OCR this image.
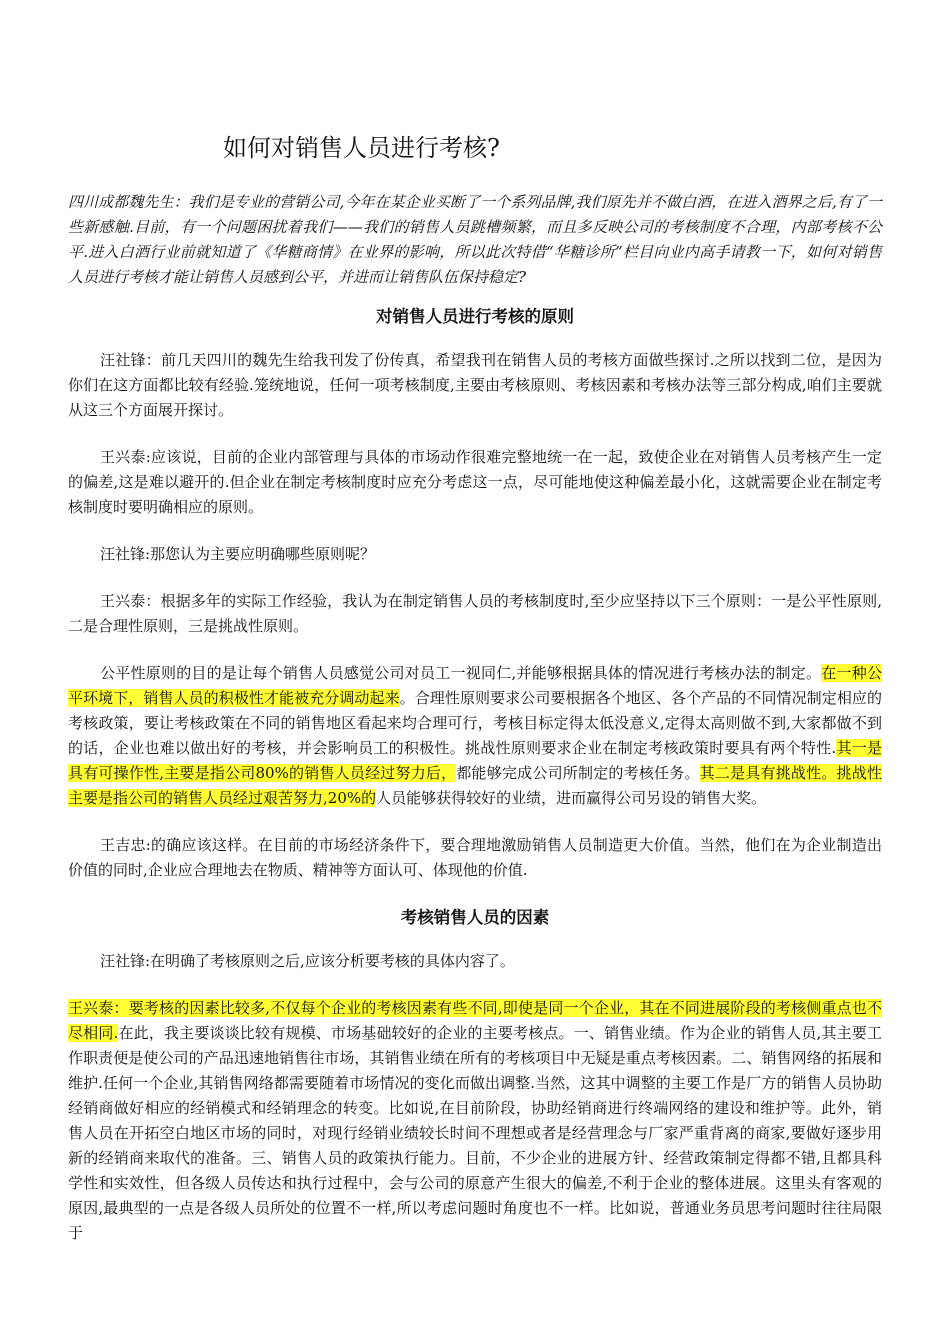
如何对销售人员进行考核?

四川成都魏先生：我们是专业的营销公司,今年在某企业买断了一个系列品牌,我们原先并不做白酒，在进入酒界之后,有了一些新感触.目前，有一个问题困扰着我们——我们的销售人员跳槽频繁，而且多反映公司的考核制度不合理，内部考核不公平.进入白酒行业前就知道了《华糖商情》在业界的影响，所以此次特借“华糖诊所”栏目向业内高手请教一下，如何对销售人员进行考核才能让销售人员感到公平，并进而让销售队伍保持稳定?

对销售人员进行考核的原则

汪社锋：前几天四川的魏先生给我刊发了份传真，希望我刊在销售人员的考核方面做些探讨.之所以找到二位，是因为你们在这方面都比较有经验.笼统地说，任何一项考核制度,主要由考核原则、考核因素和考核办法等三部分构成,咱们主要就从这三个方面展开探讨。

王兴泰:应该说，目前的企业内部管理与具体的市场动作很难完整地统一在一起，致使企业在对销售人员考核产生一定的偏差,这是难以避开的.但企业在制定考核制度时应充分考虑这一点，尽可能地使这种偏差最小化，这就需要企业在制定考核制度时要明确相应的原则。

汪社锋:那您认为主要应明确哪些原则呢？

王兴泰：根据多年的实际工作经验，我认为在制定销售人员的考核制度时,至少应坚持以下三个原则：一是公平性原则,二是合理性原则，三是挑战性原则。

公平性原则的目的是让每个销售人员感觉公司对员工一视同仁,并能够根据具体的情况进行考核办法的制定。在一种公平环境下，销售人员的积极性才能被充分调动起来。合理性原则要求公司要根据各个地区、各个产品的不同情况制定相应的考核政策，要让考核政策在不同的销售地区看起来均合理可行，考核目标定得太低没意义,定得太高则做不到,大家都做不到的话，企业也难以做出好的考核，并会影响员工的积极性。挑战性原则要求企业在制定考核政策时要具有两个特性.其一是具有可操作性,主要是指公司80%的销售人员经过努力后，都能够完成公司所制定的考核任务。其二是具有挑战性。挑战性主要是指公司的销售人员经过艰苦努力,20%的人员能够获得较好的业绩，进而赢得公司另设的销售大奖。

王吉忠:的确应该这样。在目前的市场经济条件下，要合理地激励销售人员制造更大价值。当然，他们在为企业制造出价值的同时,企业应合理地去在物质、精神等方面认可、体现他的价值.

考核销售人员的因素

汪社锋:在明确了考核原则之后,应该分析要考核的具体内容了。

王兴泰：要考核的因素比较多,不仅每个企业的考核因素有些不同,即使是同一个企业，其在不同进展阶段的考核侧重点也不尽相同.在此，我主要谈谈比较有规模、市场基础较好的企业的主要考核点。一、销售业绩。作为企业的销售人员,其主要工作职责便是使公司的产品迅速地销售往市场，其销售业绩在所有的考核项目中无疑是重点考核因素。二、销售网络的拓展和维护.任何一个企业,其销售网络都需要随着市场情况的变化而做出调整.当然，这其中调整的主要工作是厂方的销售人员协助经销商做好相应的经销模式和经销理念的转变。比如说,在目前阶段，协助经销商进行终端网络的建设和维护等。此外，销售人员在开拓空白地区市场的同时，对现行经销业绩较长时间不理想或者是经营理念与厂家严重背离的商家,要做好逐步用新的经销商来取代的准备。三、销售人员的政策执行能力。目前，不少企业的进展方针、经营政策制定得都不错,且都具科学性和实效性，但各级人员传达和执行过程中，会与公司的原意产生很大的偏差,不利于企业的整体进展。这里头有客观的原因,最典型的一点是各级人员所处的位置不一样,所以考虑问题时角度也不一样。比如说，普通业务员思考问题时往往局限于
